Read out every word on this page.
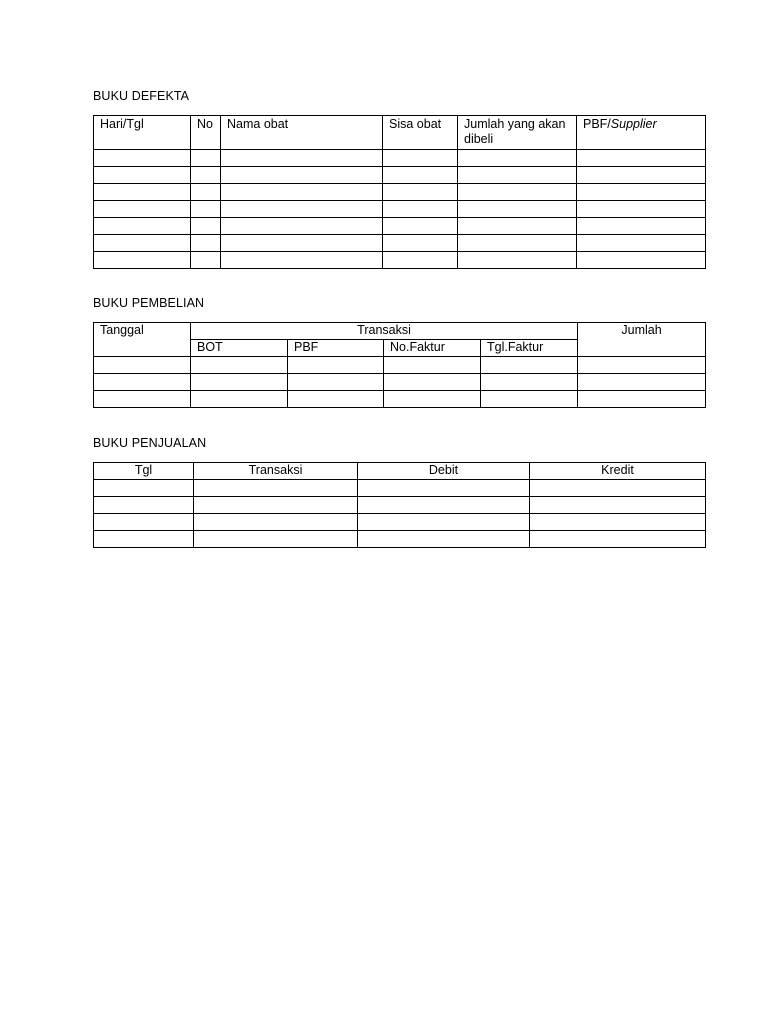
BUKU DEFEKTA
Hari/Tgl	No	Nama obat	Sisa obat	Jumlah yang akan dibeli	PBF/Supplier

BUKU PEMBELIAN
Tanggal	Transaksi				Jumlah
	BOT	PBF	No.Faktur	Tgl.Faktur	

BUKU PENJUALAN
Tgl	Transaksi	Debit	Kredit
